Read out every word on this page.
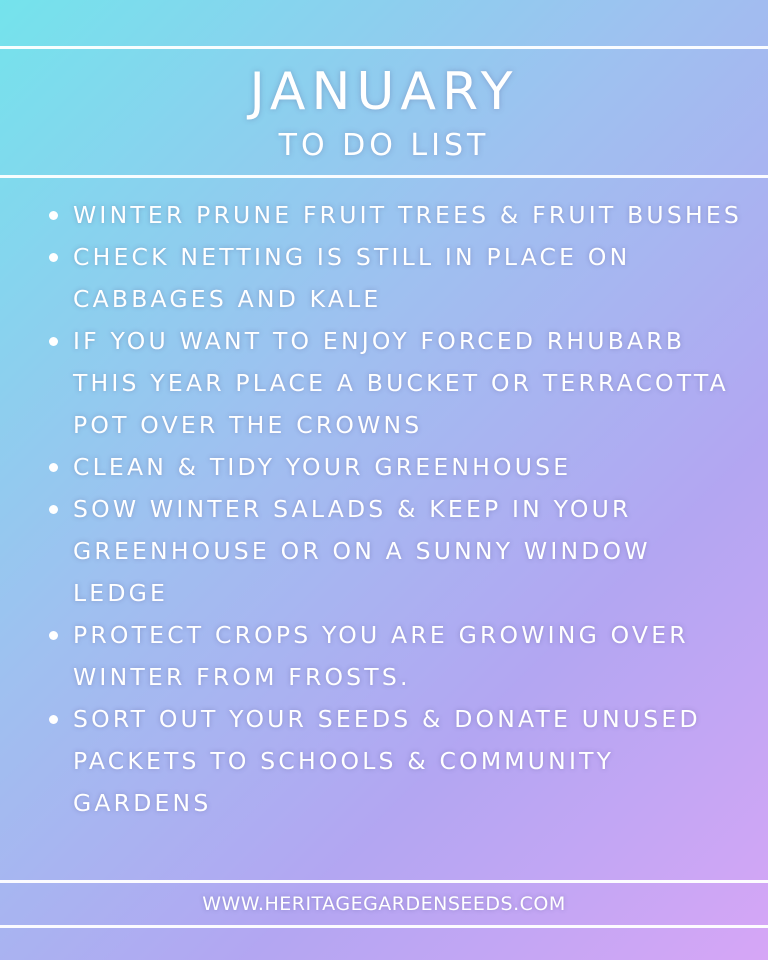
JANUARY
TO DO LIST
WINTER PRUNE FRUIT TREES & FRUIT BUSHES
CHECK NETTING IS STILL IN PLACE ON CABBAGES AND KALE
IF YOU WANT TO ENJOY FORCED RHUBARB THIS YEAR PLACE A BUCKET OR TERRACOTTA POT OVER THE CROWNS
CLEAN & TIDY YOUR GREENHOUSE
SOW WINTER SALADS & KEEP IN YOUR GREENHOUSE OR ON A SUNNY WINDOW LEDGE
PROTECT CROPS YOU ARE GROWING OVER WINTER FROM FROSTS.
SORT OUT YOUR SEEDS & DONATE UNUSED PACKETS TO SCHOOLS & COMMUNITY GARDENS
WWW.HERITAGEGARDENSEEDS.COM
